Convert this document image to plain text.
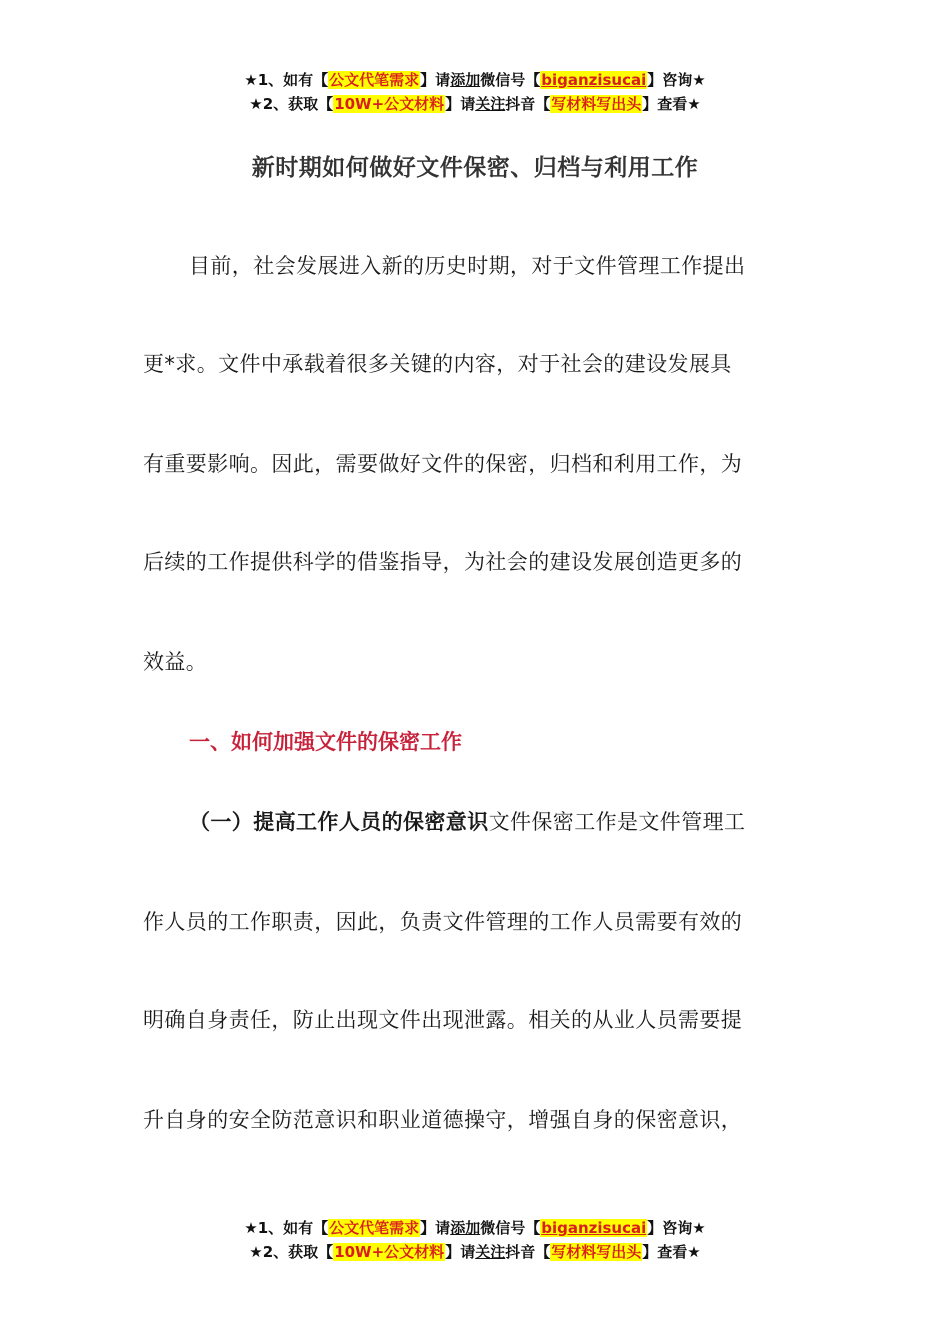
★1、如有【公文代笔需求】请添加微信号【biganzisucai】咨询★
★2、获取【10W+公文材料】请关注抖音【写材料写出头】查看★
新时期如何做好文件保密、归档与利用工作
目前，社会发展进入新的历史时期，对于文件管理工作提出
更*求。文件中承载着很多关键的内容，对于社会的建设发展具
有重要影响。因此，需要做好文件的保密，归档和利用工作，为
后续的工作提供科学的借鉴指导，为社会的建设发展创造更多的
效益。
一、如何加强文件的保密工作
（一）提高工作人员的保密意识文件保密工作是文件管理工
作人员的工作职责，因此，负责文件管理的工作人员需要有效的
明确自身责任，防止出现文件出现泄露。相关的从业人员需要提
升自身的安全防范意识和职业道德操守，增强自身的保密意识，
★1、如有【公文代笔需求】请添加微信号【biganzisucai】咨询★
★2、获取【10W+公文材料】请关注抖音【写材料写出头】查看★
